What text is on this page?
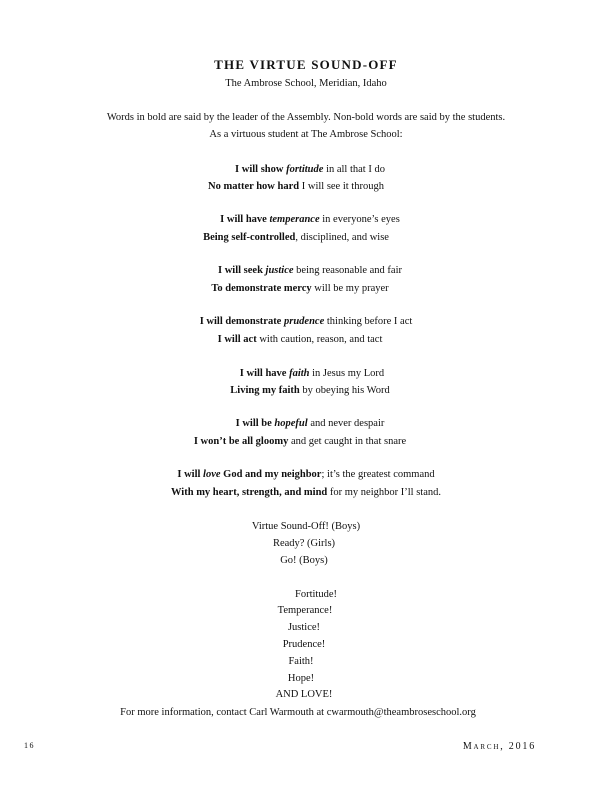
THE VIRTUE SOUND-OFF
The Ambrose School, Meridian, Idaho
Words in bold are said by the leader of the Assembly. Non-bold words are said by the students.
As a virtuous student at The Ambrose School:
I will show fortitude in all that I do
No matter how hard I will see it through
I will have temperance in everyone’s eyes
Being self-controlled, disciplined, and wise
I will seek justice being reasonable and fair
To demonstrate mercy will be my prayer
I will demonstrate prudence thinking before I act
I will act with caution, reason, and tact
I will have faith in Jesus my Lord
Living my faith by obeying his Word
I will be hopeful and never despair
I won’t be all gloomy and get caught in that snare
I will love God and my neighbor; it’s the greatest command
With my heart, strength, and mind for my neighbor I’ll stand.
Virtue Sound-Off! (Boys)
Ready? (Girls)
Go! (Boys)
Fortitude!
Temperance!
Justice!
Prudence!
Faith!
Hope!
AND LOVE!
For more information, contact Carl Warmouth at cwarmouth@theambroseschool.org
16	March, 2016
